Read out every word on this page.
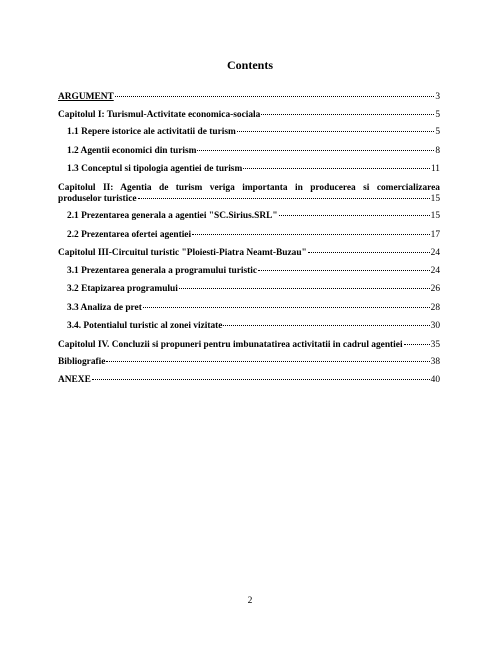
Contents
ARGUMENT	3
Capitolul I: Turismul-Activitate economica-sociala	5
1.1 Repere istorice ale activitatii de turism	5
1.2 Agentii economici din turism	8
1.3 Conceptul si tipologia agentiei de turism	11
Capitolul II: Agentia de turism veriga importanta in producerea si comercializarea
produselor turistice	15
2.1 Prezentarea generala a agentiei "SC.Sirius.SRL"	15
2.2 Prezentarea ofertei agentiei	17
Capitolul III-Circuitul turistic "Ploiesti-Piatra Neamt-Buzau"	24
3.1 Prezentarea generala a programului turistic	24
3.2 Etapizarea programului	26
3.3 Analiza de pret	28
3.4. Potentialul turistic al zonei vizitate	30
Capitolul IV. Concluzii si propuneri pentru imbunatatirea activitatii in cadrul agentiei	35
Bibliografie	38
ANEXE	40
2
